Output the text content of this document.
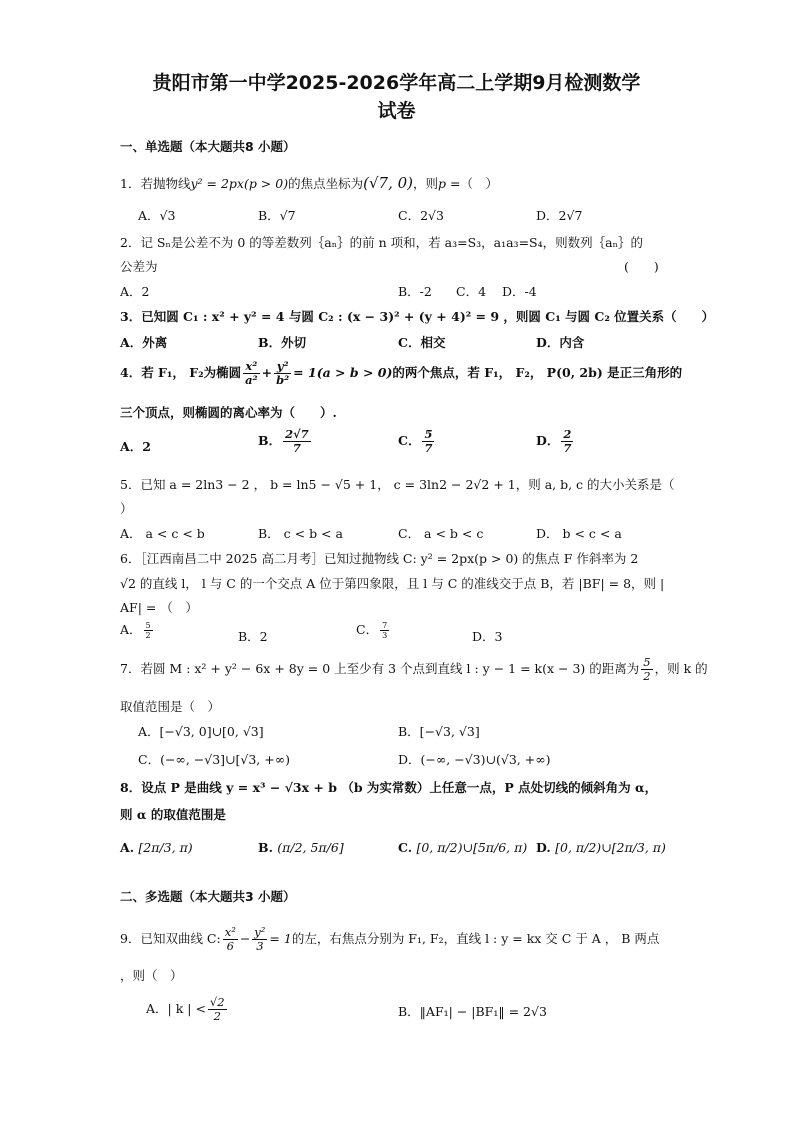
贵阳市第一中学2025-2026学年高二上学期9月检测数学
试卷
一、单选题（本大题共8 小题）
1．若抛物线y² = 2px(p > 0)的焦点坐标为(√7, 0)，则p =（　）
A．√3	B．√7	C．2√3	D．2√7
2．记 Sₙ是公差不为 0 的等差数列｛aₙ｝的前 n 项和，若 a₃=S₃，a₁a₃=S₄，则数列｛aₙ｝的
公差为	(　　)
A．2	B．-2 C．4 D．-4
3．已知圆 C₁ : x² + y² = 4 与圆 C₂ : (x − 3)² + (y + 4)² = 9 ，则圆 C₁ 与圆 C₂ 位置关系（　　）
A．外离	B．外切	C．相交	D．内含
4．若 F₁， F₂为椭圆 $\frac{\text{x²}}{\text{a²}} + \frac{\text{y²}}{\text{b²}} = 1(a > b > 0)$的两个焦点，若 F₁， F₂， P(0, 2b) 是正三角形的
三个顶点，则椭圆的离心率为（　　）.
A．2	B． $\frac{2√7}{7}$	C． $\frac{5}{7}$	D． $\frac{2}{7}$
5．已知 a = 2ln3 − 2 ， b = ln5 − √5 + 1， c = 3ln2 − 2√2 + 1，则 a, b, c 的大小关系是（
）
A． a < c < b	B． c < b < a	C． a < b < c	D． b < c < a
6．［江西南昌二中 2025 高二月考］已知过抛物线 C: y² = 2px(p > 0) 的焦点 F 作斜率为 2
√2 的直线 l， l 与 C 的一个交点 A 位于第四象限，且 l 与 C 的准线交于点 B，若 |BF| = 8，则 |
AF| = （　）
A． $\frac{5}{2}$	B．2	C． $\frac{7}{3}$	D．3
7．若圆 M : x² + y² − 6x + 8y = 0 上至少有 3 个点到直线 l : y − 1 = k(x − 3) 的距离为 $\frac{5}{2}$ ，则 k 的
取值范围是（　）
A．[−√3, 0]∪[0, √3]	B．[−√3, √3]
C．(−∞, −√3]∪[√3, +∞)	D．(−∞, −√3)∪(√3, +∞)
8．设点 P 是曲线 y = x³ − √3x + b （b 为实常数）上任意一点，P 点处切线的倾斜角为 α，
则 α 的取值范围是
A. [2π/3, π)	B. (π/2, 5π/6]	C. [0, π/2)∪[5π/6, π) D. [0, π/2)∪[2π/3, π)
二、多选题（本大题共3 小题）
9．已知双曲线 C: $\frac{\text{x²}}{6} - \frac{\text{y²}}{3} = 1$的左，右焦点分别为 F₁, F₂，直线 l : y = kx 交 C 于 A ， B 两点
，则（　）
A．| k | < $\frac{√2}{2}$	B．‖AF₁| − |BF₁‖ = 2√3
